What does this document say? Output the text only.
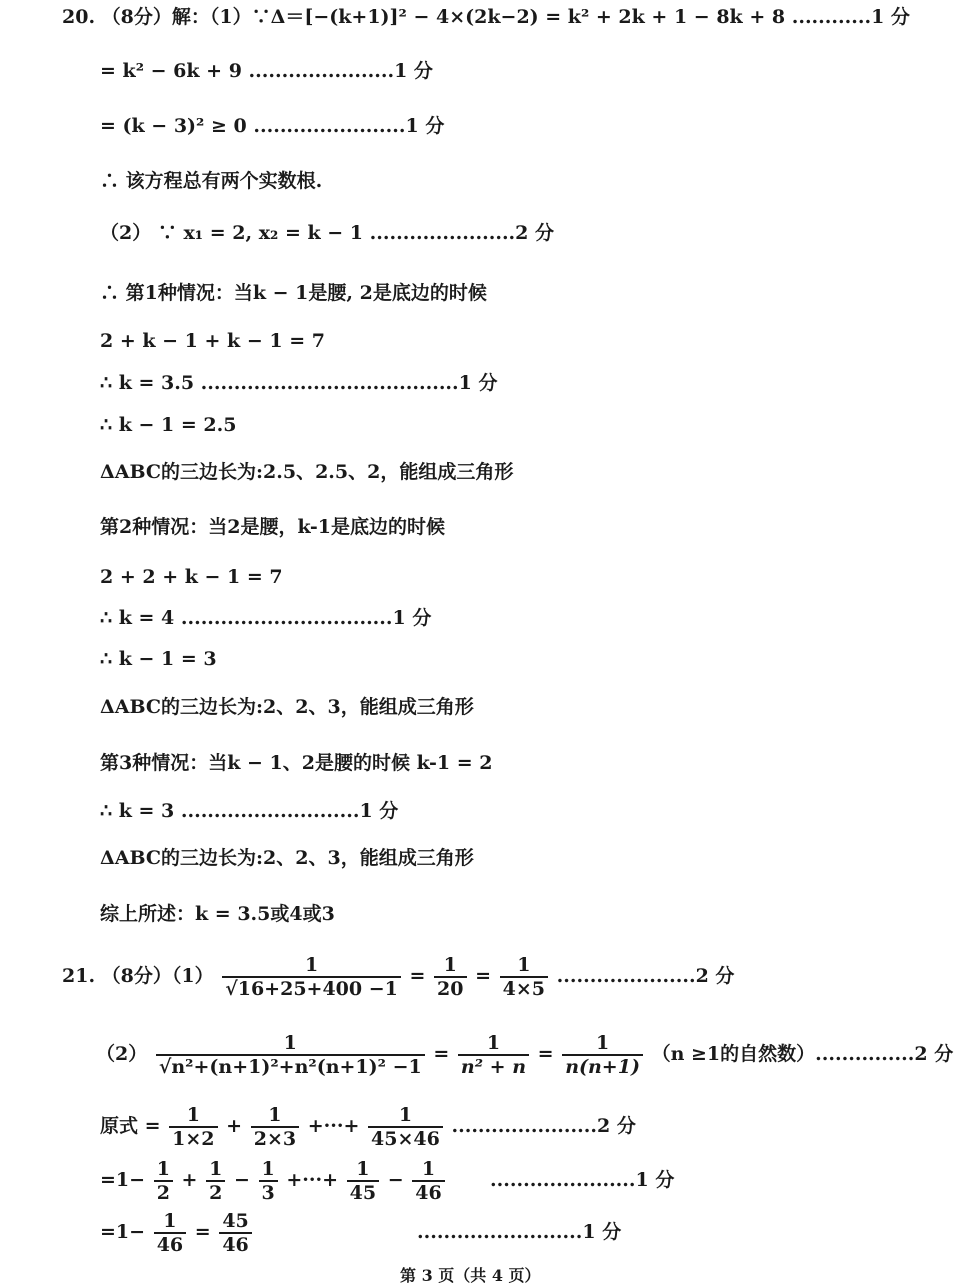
20. （8分）解：（1）∵Δ＝[−(k+1)]² − 4×(2k−2) = k² + 2k + 1 − 8k + 8 ............1 分
= k² − 6k + 9 ......................1 分
= (k − 3)² ≥ 0 .......................1 分
∴ 该方程总有两个实数根.
（2） ∵ x₁ = 2, x₂ = k − 1 ......................2 分
∴ 第1种情况：当k − 1是腰, 2是底边的时候
2 + k − 1 + k − 1 = 7
∴ k = 3.5 .......................................1 分
∴ k − 1 = 2.5
ΔABC的三边长为:2.5、2.5、2，能组成三角形
第2种情况：当2是腰，k-1是底边的时候
2 + 2 + k − 1 = 7
∴ k = 4 ................................1 分
∴ k − 1 = 3
ΔABC的三边长为:2、2、3，能组成三角形
第3种情况：当k − 1、2是腰的时候 k-1 = 2
∴ k = 3 ...........................1 分
ΔABC的三边长为:2、2、3，能组成三角形
综上所述：k = 3.5或4或3
21. （8分）$(1) \frac{1}{√16+25+400 -1} = \frac{1}{20} = \frac{1}{4\times 5} .....................2$ 分
$(2) \frac{1}{\text{√n²+(n+1)²+n²(n+1)² −1}} = \frac{1}{\text{n² + n}} = \frac{1}{n(n+1)} (n \ge 1$的自然数）...............2 分
原式 = $\frac{1}{1\times 2} + \frac{1}{2\times 3}$ +···+ $\frac{1}{45\times 46} ......................2$ 分
$=1- \frac{1}{2} + \frac{1}{2} - \frac{1}{3}$ +···+ $\frac{1}{45} - \frac{1}{46} ......................1$ 分
$=1- \frac{1}{46} = \frac{45}{46}$	.........................1 分
第 3 页（共 4 页）
